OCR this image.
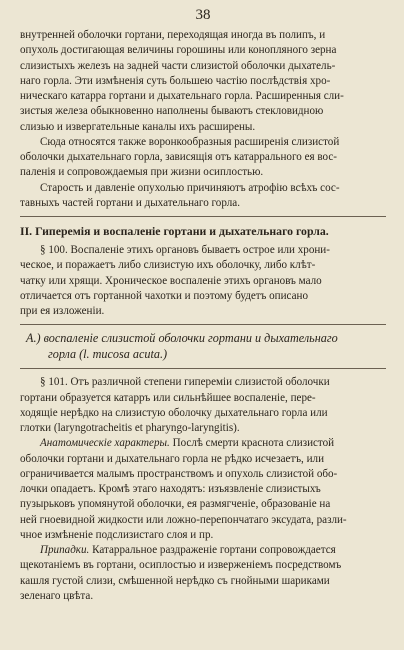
38

внутренней оболочки гортани, переходящая иногда въ полипъ, и
опухоль достигающая величины горошины или конопляного зерна
слизистыхъ железъ на задней части слизистой оболочки дыхатель-
наго горла. Эти измѣненія суть большею частію послѣдствія хро-
ническаго катарра гортани и дыхательнаго горла. Расширенныя сли-
зистыя железа обыкновенно наполнены бываютъ стекловидною
слизью и извергательные каналы ихъ расширены.

Сюда относятся также воронкообразныя расширенія слизистой
оболочки дыхательнаго горла, зависящія отъ катаррального ея вос-
паленія и сопровождаемыя при жизни осиплостью.

Старость и давленіе опухолью причиняютъ атрофію всѣхъ сос-
тавныхъ частей гортани и дыхательнаго горла.

II. Гиперемія и воспаленіе гортани и дыхательнаго горла.

§ 100. Воспаленіе этихъ органовъ бываетъ острое или хрони-
ческое, и поражаетъ либо слизистую ихъ оболочку, либо клѣт-
чатку или хрящи. Хроническое воспаленіе этихъ органовъ мало
отличается отъ гортанной чахотки и поэтому будетъ описано
при ея изложеніи.

A.) воспаленіе слизистой оболочки гортани и дыхательнаго
горла (l. mucosa acuta.)

§ 101. Отъ различной степени гипереміи слизистой оболочки
гортани образуется катарръ или сильнѣйшее воспаленіе, пере-
ходящіе нерѣдко на слизистую оболочку дыхательнаго горла или
глотки (laryngotracheitis et pharyngo-laryngitis).

Анатомическіе характеры. Послѣ смерти краснота слизистой
оболочки гортани и дыхательнаго горла не рѣдко исчезаетъ, или
ограничивается малымъ пространствомъ и опухоль слизистой обо-
лочки опадаетъ. Кромѣ этаго находятъ: изъязвленіе слизистыхъ
пузырьковъ упомянутой оболочки, ея размягченіе, образованіе на
ней гноевидной жидкости или ложно-перепончатаго эксудата, разли-
чное измѣненіе подслизистаго слоя и пр.

Припадки. Катарральное раздраженіе гортани сопровождается
щекотаніемъ въ гортани, осиплостью и изверженіемъ посредствомъ
кашля густой слизи, смѣшенной нерѣдко съ гнойными шариками
зеленаго цвѣта.
